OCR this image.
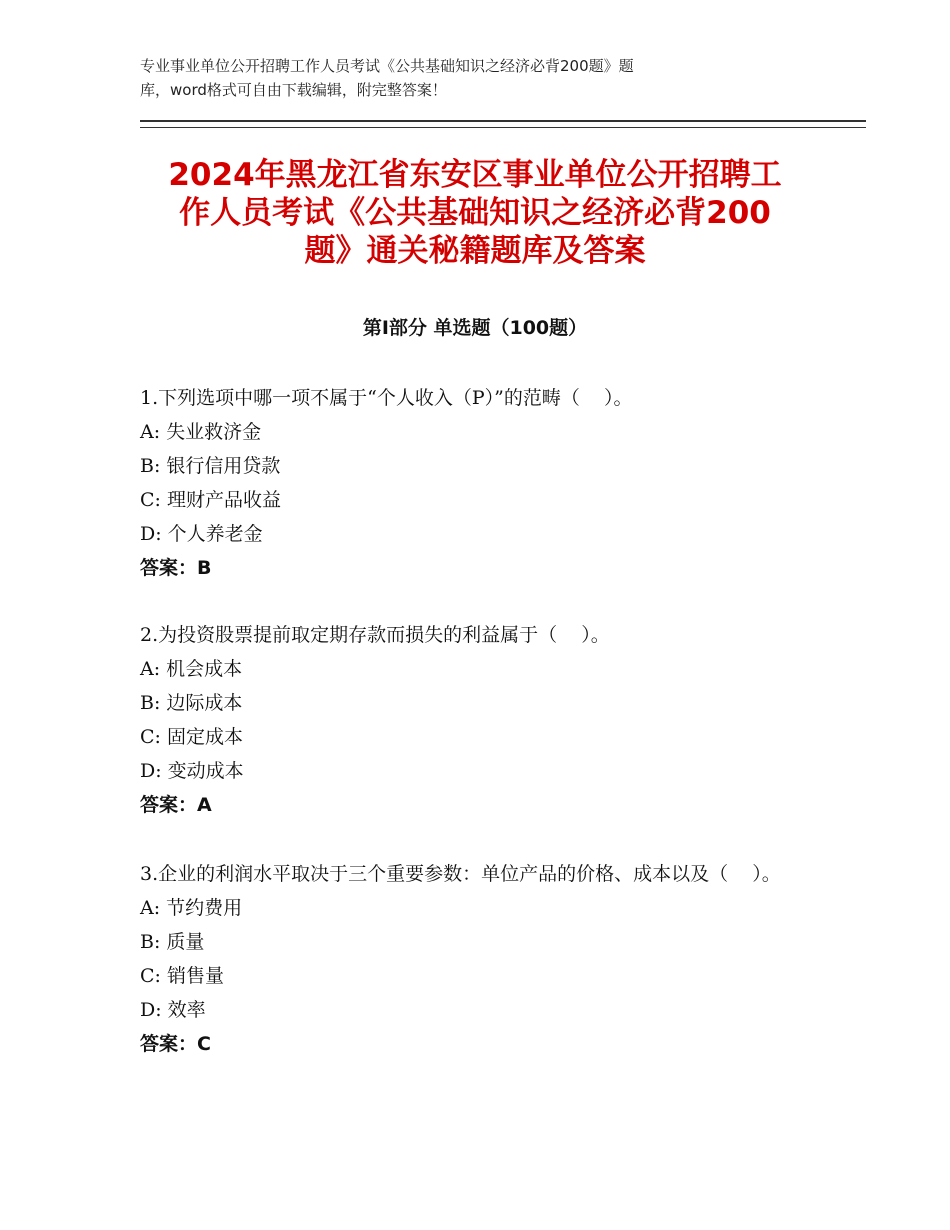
专业事业单位公开招聘工作人员考试《公共基础知识之经济必背200题》题
库，word格式可自由下载编辑，附完整答案！
2024年黑龙江省东安区事业单位公开招聘工
作人员考试《公共基础知识之经济必背200
题》通关秘籍题库及答案
第Ⅰ部分 单选题（100题）

1.下列选项中哪一项不属于“个人收入（P）”的范畴（    ）。

A: 失业救济金

B: 银行信用贷款

C: 理财产品收益

D: 个人养老金

答案：B

2.为投资股票提前取定期存款而损失的利益属于（    ）。

A: 机会成本

B: 边际成本

C: 固定成本

D: 变动成本

答案：A

3.企业的利润水平取决于三个重要参数：单位产品的价格、成本以及（    ）。

A: 节约费用

B: 质量

C: 销售量

D: 效率

答案：C
